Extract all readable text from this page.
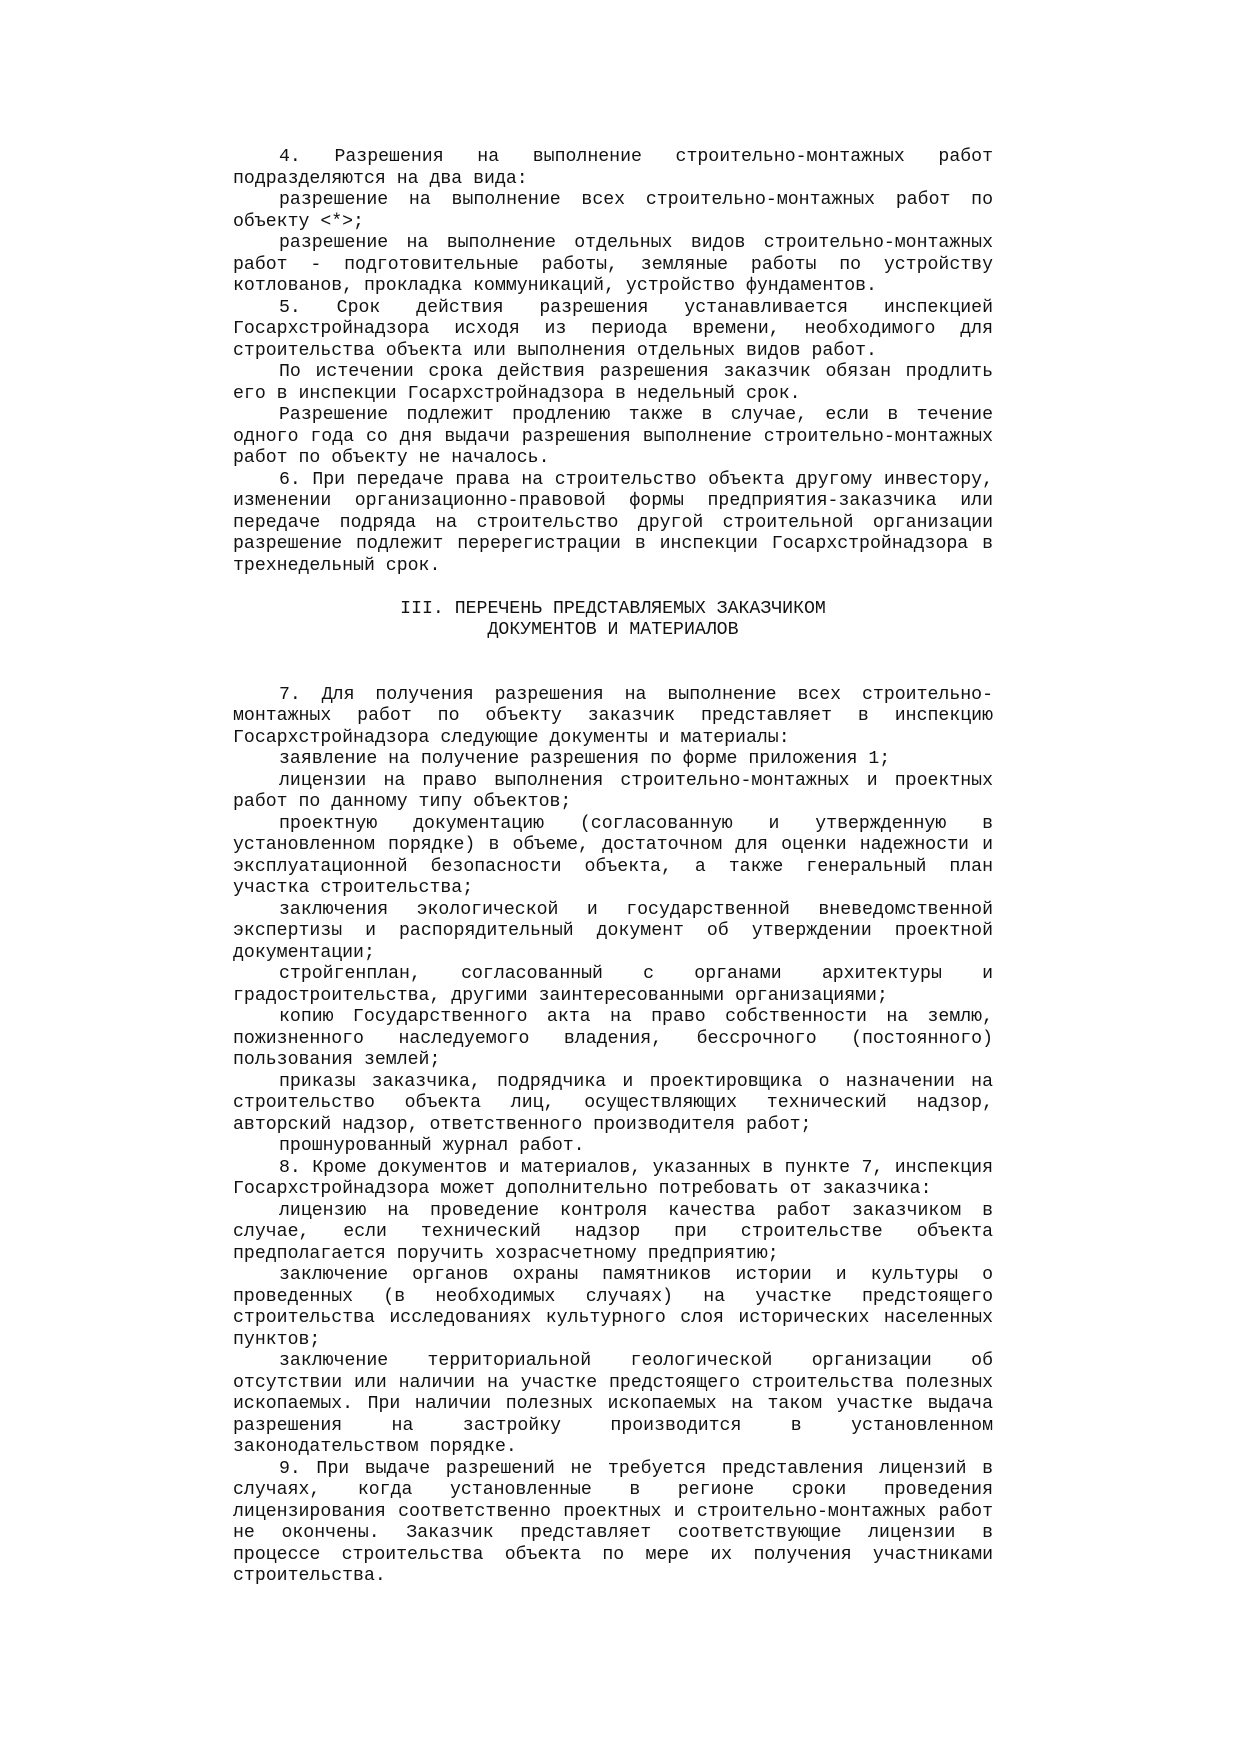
4. Разрешения на выполнение строительно-монтажных работ подразделяются на два вида:

разрешение на выполнение всех строительно-монтажных работ по объекту <*>;

разрешение на выполнение отдельных видов строительно-монтажных работ - подготовительные работы, земляные работы по устройству котлованов, прокладка коммуникаций, устройство фундаментов.

5. Срок действия разрешения устанавливается инспекцией Госархстройнадзора исходя из периода времени, необходимого для строительства объекта или выполнения отдельных видов работ.

По истечении срока действия разрешения заказчик обязан продлить его в инспекции Госархстройнадзора в недельный срок.

Разрешение подлежит продлению также в случае, если в течение одного года со дня выдачи разрешения выполнение строительно-монтажных работ по объекту не началось.

6. При передаче права на строительство объекта другому инвестору, изменении организационно-правовой формы предприятия-заказчика или передаче подряда на строительство другой строительной организации разрешение подлежит перерегистрации в инспекции Госархстройнадзора в трехнедельный срок.

III. ПЕРЕЧЕНЬ ПРЕДСТАВЛЯЕМЫХ ЗАКАЗЧИКОМ

ДОКУМЕНТОВ И МАТЕРИАЛОВ

7. Для получения разрешения на выполнение всех строительно-монтажных работ по объекту заказчик представляет в инспекцию Госархстройнадзора следующие документы и материалы:

заявление на получение разрешения по форме приложения 1;

лицензии на право выполнения строительно-монтажных и проектных работ по данному типу объектов;

проектную документацию (согласованную и утвержденную в установленном порядке) в объеме, достаточном для оценки надежности и эксплуатационной безопасности объекта, а также генеральный план участка строительства;

заключения экологической и государственной вневедомственной экспертизы и распорядительный документ об утверждении проектной документации;

стройгенплан, согласованный с органами архитектуры и градостроительства, другими заинтересованными организациями;

копию Государственного акта на право собственности на землю, пожизненного наследуемого владения, бессрочного (постоянного) пользования землей;

приказы заказчика, подрядчика и проектировщика о назначении на строительство объекта лиц, осуществляющих технический надзор, авторский надзор, ответственного производителя работ;

прошнурованный журнал работ.

8. Кроме документов и материалов, указанных в пункте 7, инспекция Госархстройнадзора может дополнительно потребовать от заказчика:

лицензию на проведение контроля качества работ заказчиком в случае, если технический надзор при строительстве объекта предполагается поручить хозрасчетному предприятию;

заключение органов охраны памятников истории и культуры о проведенных (в необходимых случаях) на участке предстоящего строительства исследованиях культурного слоя исторических населенных пунктов;

заключение территориальной геологической организации об отсутствии или наличии на участке предстоящего строительства полезных ископаемых. При наличии полезных ископаемых на таком участке выдача разрешения на застройку производится в установленном законодательством порядке.

9. При выдаче разрешений не требуется представления лицензий в случаях, когда установленные в регионе сроки проведения лицензирования соответственно проектных и строительно-монтажных работ не окончены. Заказчик представляет соответствующие лицензии в процессе строительства объекта по мере их получения участниками строительства.
